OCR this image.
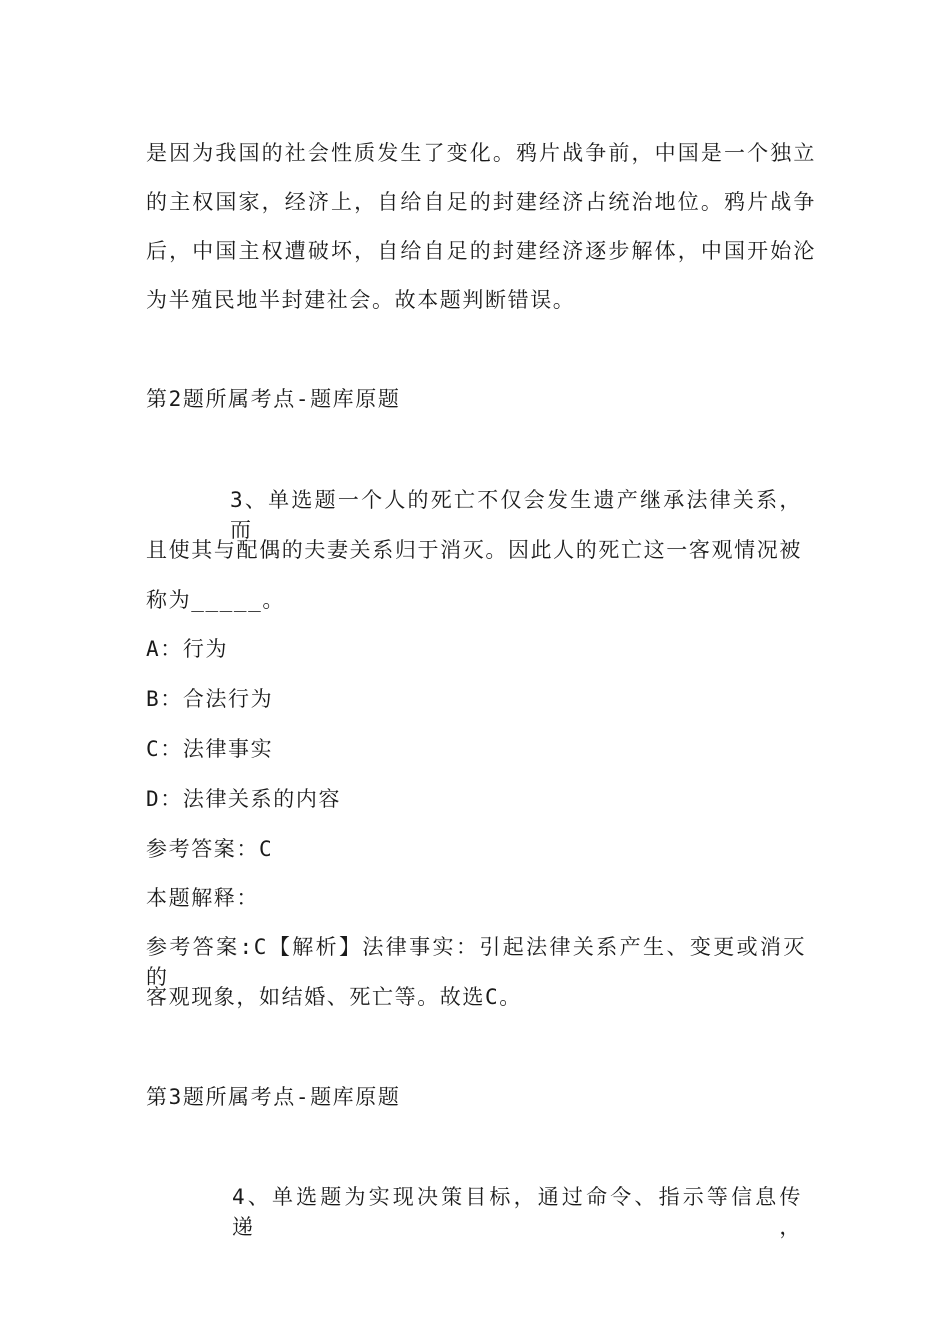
是因为我国的社会性质发生了变化。鸦片战争前，中国是一个独立
的主权国家，经济上，自给自足的封建经济占统治地位。鸦片战争
后，中国主权遭破坏，自给自足的封建经济逐步解体，中国开始沦
为半殖民地半封建社会。故本题判断错误。
第2题所属考点-题库原题
3、单选题一个人的死亡不仅会发生遗产继承法律关系，而
且使其与配偶的夫妻关系归于消灭。因此人的死亡这一客观情况被
称为_____。
A：行为
B：合法行为
C：法律事实
D：法律关系的内容
参考答案：C
本题解释：
参考答案:C【解析】法律事实：引起法律关系产生、变更或消灭的
客观现象，如结婚、死亡等。故选C。
第3题所属考点-题库原题
4、单选题为实现决策目标，通过命令、指示等信息传递，
